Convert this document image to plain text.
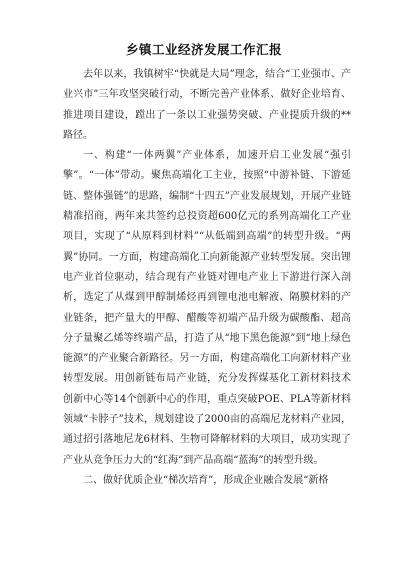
乡镇工业经济发展工作汇报

去年以来，我镇树牢“快就是大局”理念，结合“工业强市、产业兴市”三年攻坚突破行动，不断完善产业体系、做好企业培育、推进项目建设，蹚出了一条以工业强势突破、产业提质升级的**路径。

一、构建“一体两翼”产业体系，加速开启工业发展“强引擎”。“一体”带动。聚焦高端化工主业，按照“中游补链、下游延链、整体强链”的思路，编制“十四五”产业发展规划，开展产业链精准招商，两年来共签约总投资超600亿元的系列高端化工产业项目，实现了“从原料到材料”“从低端到高端”的转型升级。“两翼”协同。一方面，构建高端化工向新能源产业转型发展。突出锂电产业首位驱动，结合现有产业链对锂电产业上下游进行深入剖析，选定了从煤到甲醇制烯烃再到锂电池电解液、隔膜材料的产业链条，把产量大的甲醇、醋酸等初端产品升级为碳酸酯、超高分子量聚乙烯等终端产品，打造了从“地下黑色能源”到“地上绿色能源”的产业聚合新路径。另一方面，构建高端化工向新材料产业转型发展。用创新链布局产业链，充分发挥煤基化工新材料技术创新中心等14个创新中心的作用，重点突破POE、PLA等新材料领域“卡脖子”技术，规划建设了2000亩的高端尼龙材料产业园，通过招引落地尼龙6材料、生物可降解材料的大项目，成功实现了产业从竞争压力大的“红海”到产品高端“蓝海”的转型升级。

二、做好优质企业“梯次培育”，形成企业融合发展“新格
